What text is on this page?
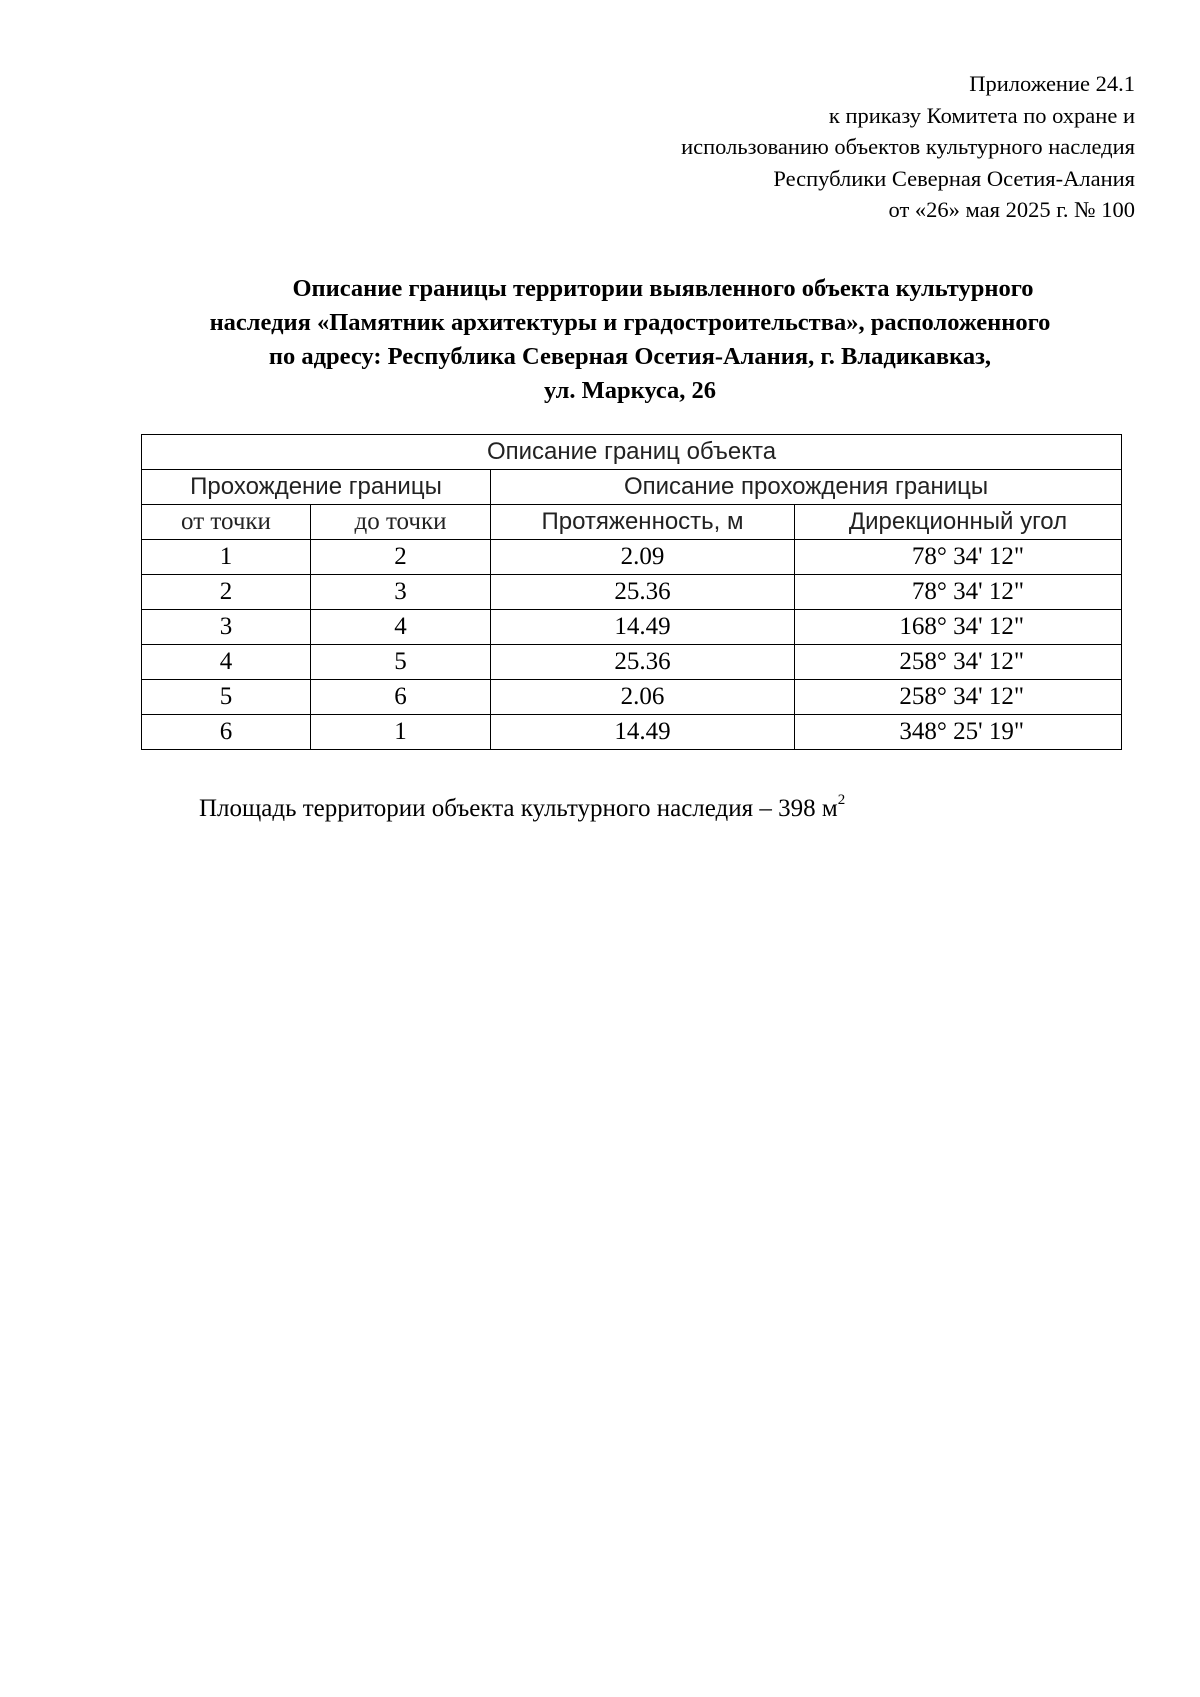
Приложение 24.1
к приказу Комитета по охране и
использованию объектов культурного наследия
Республики Северная Осетия-Алания
от «26» мая 2025 г. № 100
Описание границы территории выявленного объекта культурного
наследия «Памятник архитектуры и градостроительства», расположенного
по адресу: Республика Северная Осетия-Алания, г. Владикавказ,
ул. Маркуса, 26
Описание границ объекта			
Прохождение границы		Описание прохождения границы	
от точки	до точки	Протяженность, м	Дирекционный угол
1	2	2.09	78° 34' 12"
2	3	25.36	78° 34' 12"
3	4	14.49	168° 34' 12"
4	5	25.36	258° 34' 12"
5	6	2.06	258° 34' 12"
6	1	14.49	348° 25' 19"
Площадь территории объекта культурного наследия – 398 $м^2$
